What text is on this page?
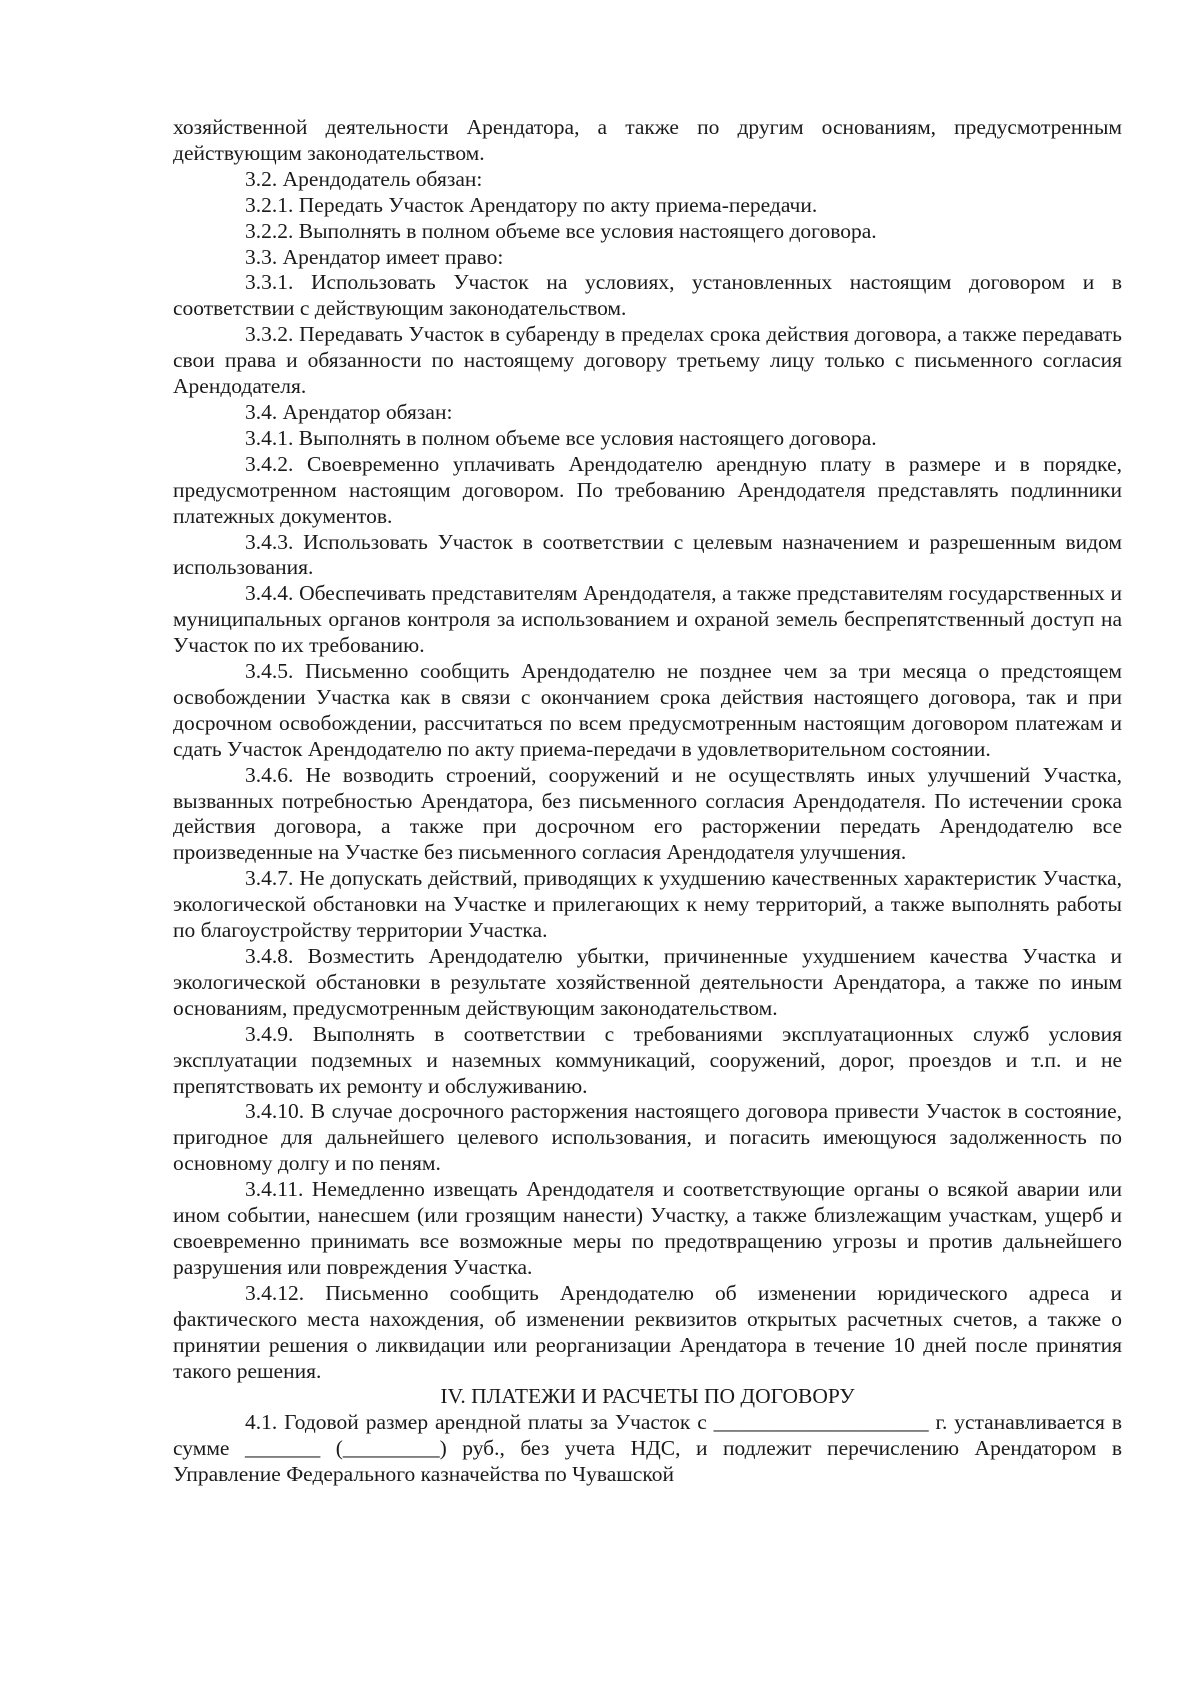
хозяйственной деятельности Арендатора, а также по другим основаниям, предусмотренным действующим законодательством.

3.2. Арендодатель обязан:

3.2.1. Передать Участок Арендатору по акту приема-передачи.

3.2.2. Выполнять в полном объеме все условия настоящего договора.

3.3. Арендатор имеет право:

3.3.1. Использовать Участок на условиях, установленных настоящим договором и в соответствии с действующим законодательством.

3.3.2. Передавать Участок в субаренду в пределах срока действия договора, а также передавать свои права и обязанности по настоящему договору третьему лицу только с письменного согласия Арендодателя.

3.4. Арендатор обязан:

3.4.1. Выполнять в полном объеме все условия настоящего договора.

3.4.2. Своевременно уплачивать Арендодателю арендную плату в размере и в порядке, предусмотренном настоящим договором. По требованию Арендодателя представлять подлинники платежных документов.

3.4.3. Использовать Участок в соответствии с целевым назначением и разрешенным видом использования.

3.4.4. Обеспечивать представителям Арендодателя, а также представителям государственных и муниципальных органов контроля за использованием и охраной земель беспрепятственный доступ на Участок по их требованию.

3.4.5. Письменно сообщить Арендодателю не позднее чем за три месяца о предстоящем освобождении Участка как в связи с окончанием срока действия настоящего договора, так и при досрочном освобождении, рассчитаться по всем предусмотренным настоящим договором платежам и сдать Участок Арендодателю по акту приема-передачи в удовлетворительном состоянии.

3.4.6. Не возводить строений, сооружений и не осуществлять иных улучшений Участка, вызванных потребностью Арендатора, без письменного согласия Арендодателя. По истечении срока действия договора, а также при досрочном его расторжении передать Арендодателю все произведенные на Участке без письменного согласия Арендодателя улучшения.

3.4.7. Не допускать действий, приводящих к ухудшению качественных характеристик Участка, экологической обстановки на Участке и прилегающих к нему территорий, а также выполнять работы по благоустройству территории Участка.

3.4.8. Возместить Арендодателю убытки, причиненные ухудшением качества Участка и экологической обстановки в результате хозяйственной деятельности Арендатора, а также по иным основаниям, предусмотренным действующим законодательством.

3.4.9. Выполнять в соответствии с требованиями эксплуатационных служб условия эксплуатации подземных и наземных коммуникаций, сооружений, дорог, проездов и т.п. и не препятствовать их ремонту и обслуживанию.

3.4.10. В случае досрочного расторжения настоящего договора привести Участок в состояние, пригодное для дальнейшего целевого использования, и погасить имеющуюся задолженность по основному долгу и по пеням.

3.4.11. Немедленно извещать Арендодателя и соответствующие органы о всякой аварии или ином событии, нанесшем (или грозящим нанести) Участку, а также близлежащим участкам, ущерб и своевременно принимать все возможные меры по предотвращению угрозы и против дальнейшего разрушения или повреждения Участка.

3.4.12. Письменно сообщить Арендодателю об изменении юридического адреса и фактического места нахождения, об изменении реквизитов открытых расчетных счетов, а также о принятии решения о ликвидации или реорганизации Арендатора в течение 10 дней после принятия такого решения.

IV. ПЛАТЕЖИ И РАСЧЕТЫ ПО ДОГОВОРУ

4.1. Годовой размер арендной платы за Участок с ____________________ г. устанавливается в сумме _______ (_________) руб., без учета НДС, и подлежит перечислению Арендатором в Управление Федерального казначейства по Чувашской
